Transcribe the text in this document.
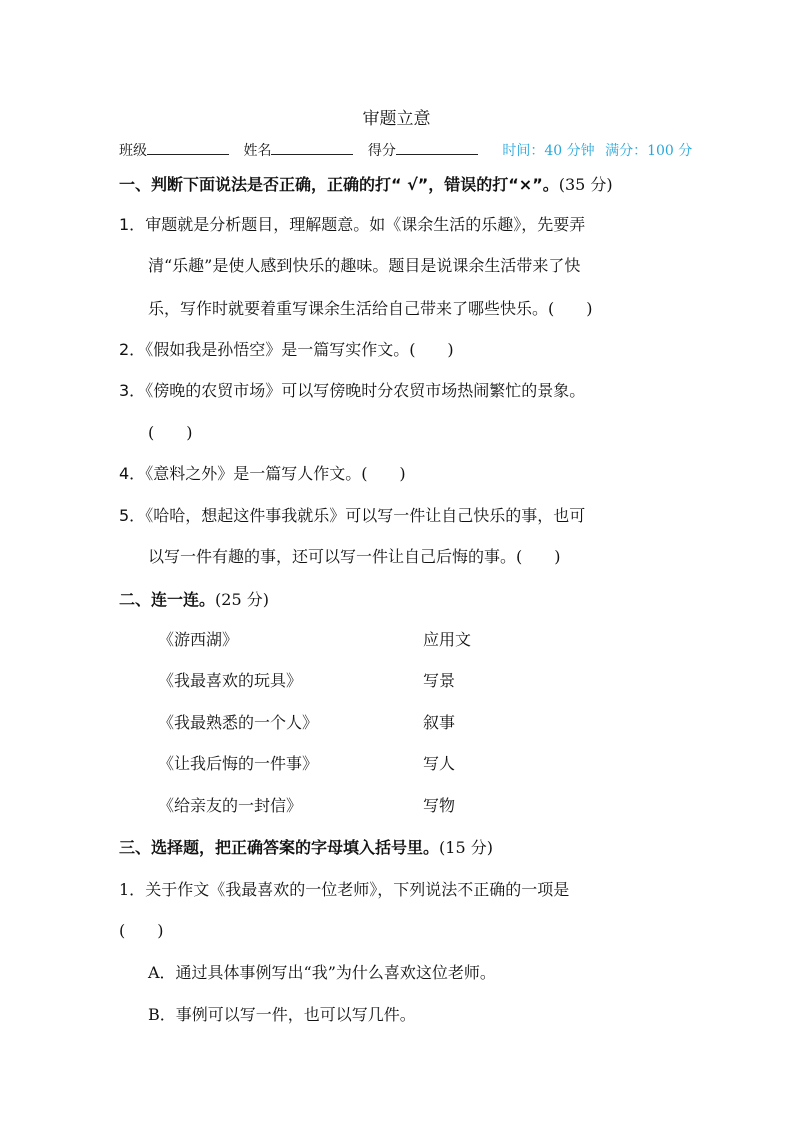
审题立意
班级	姓名	得分	时间：40 分钟 满分：100 分
一、判断下面说法是否正确，正确的打“ √”，错误的打“×”。(35 分)
1．审题就是分析题目，理解题意。如《课余生活的乐趣》，先要弄
清“乐趣”是使人感到快乐的趣味。题目是说课余生活带来了快
乐，写作时就要着重写课余生活给自己带来了哪些快乐。(　　)
2．《假如我是孙悟空》是一篇写实作文。(　　)
3．《傍晚的农贸市场》可以写傍晚时分农贸市场热闹繁忙的景象。
(　　)
4．《意料之外》是一篇写人作文。(　　)
5．《哈哈，想起这件事我就乐》可以写一件让自己快乐的事，也可
以写一件有趣的事，还可以写一件让自己后悔的事。(　　)
二、连一连。(25 分)
《游西湖》
《我最喜欢的玩具》
《我最熟悉的一个人》
《让我后悔的一件事》
《给亲友的一封信》
应用文
写景
叙事
写人
写物
三、选择题，把正确答案的字母填入括号里。(15 分)
1．关于作文《我最喜欢的一位老师》，下列说法不正确的一项是
(　　)
A．通过具体事例写出“我”为什么喜欢这位老师。
B．事例可以写一件，也可以写几件。
